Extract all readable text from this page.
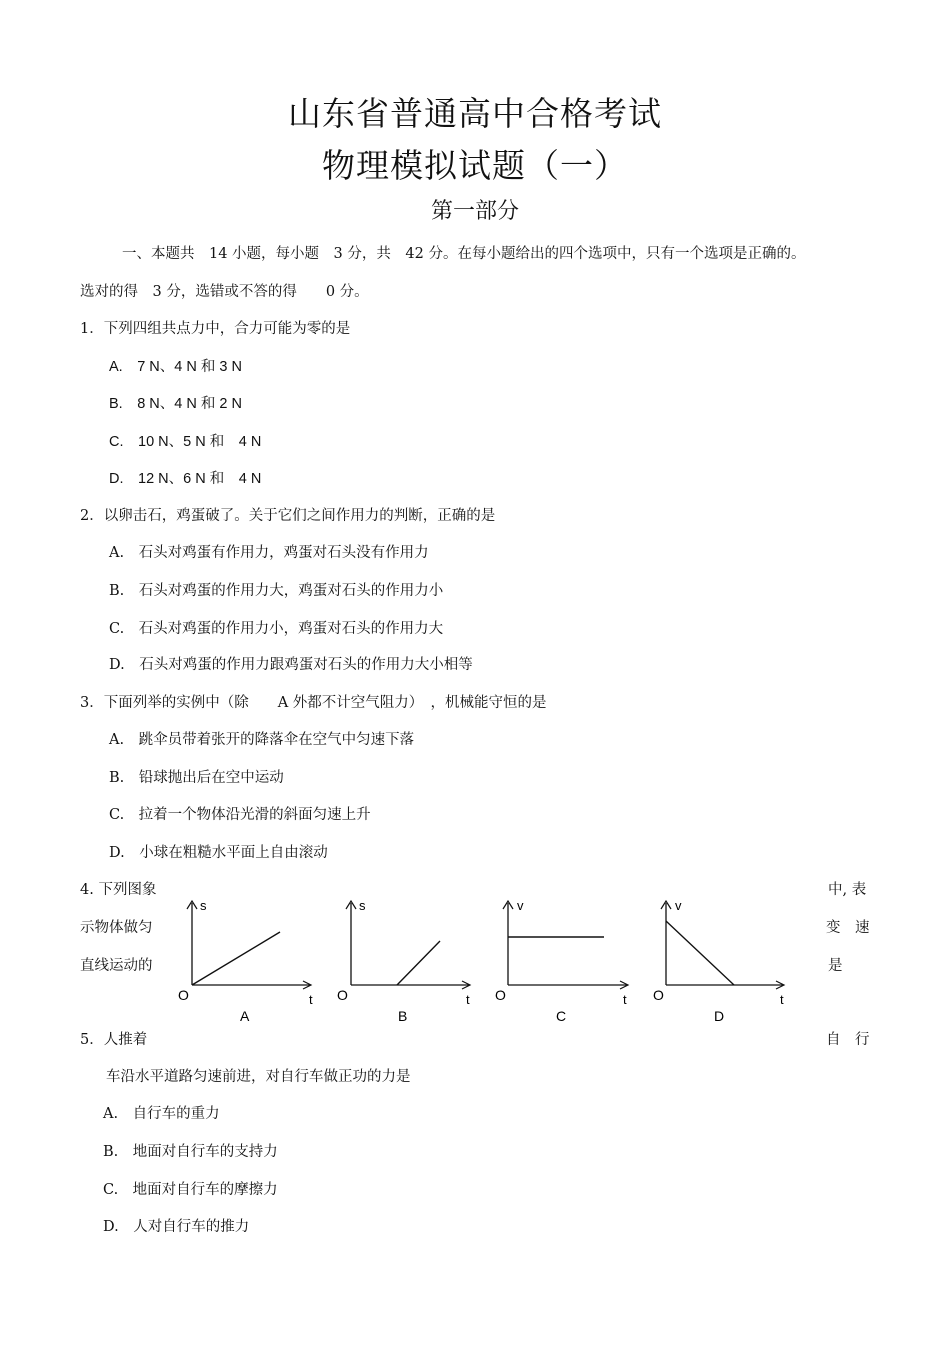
山东省普通高中合格考试
物理模拟试题（一）
第一部分
一、本题共　14 小题，每小题　3 分，共　42 分。在每小题给出的四个选项中，只有一个选项是正确的。
选对的得　3 分，选错或不答的得　　0 分。
1．下列四组共点力中，合力可能为零的是
A.　7 N、4 N 和 3 N
B.　8 N、4 N 和 2 N
C.　10 N、5 N 和　4 N
D.　12 N、6 N 和　4 N
2．以卵击石，鸡蛋破了。关于它们之间作用力的判断，正确的是
A.　石头对鸡蛋有作用力，鸡蛋对石头没有作用力
B.　石头对鸡蛋的作用力大，鸡蛋对石头的作用力小
C.　石头对鸡蛋的作用力小，鸡蛋对石头的作用力大
D.　石头对鸡蛋的作用力跟鸡蛋对石头的作用力大小相等
3．下面列举的实例中（除　　A 外都不计空气阻力）　，机械能守恒的是
A.　跳伞员带着张开的降落伞在空气中匀速下落
B.　铅球抛出后在空中运动
C.　拉着一个物体沿光滑的斜面匀速上升
D.　小球在粗糙水平面上自由滚动
4. 下列图象
示物体做匀
直线运动的
中, 表
变　速
是
s
t
O
A
s
t
O
B
v
t
O
C
v
t
O
D
5．人推着	自　行
车沿水平道路匀速前进，对自行车做正功的力是
A.　自行车的重力
B.　地面对自行车的支持力
C.　地面对自行车的摩擦力
D.　人对自行车的推力
